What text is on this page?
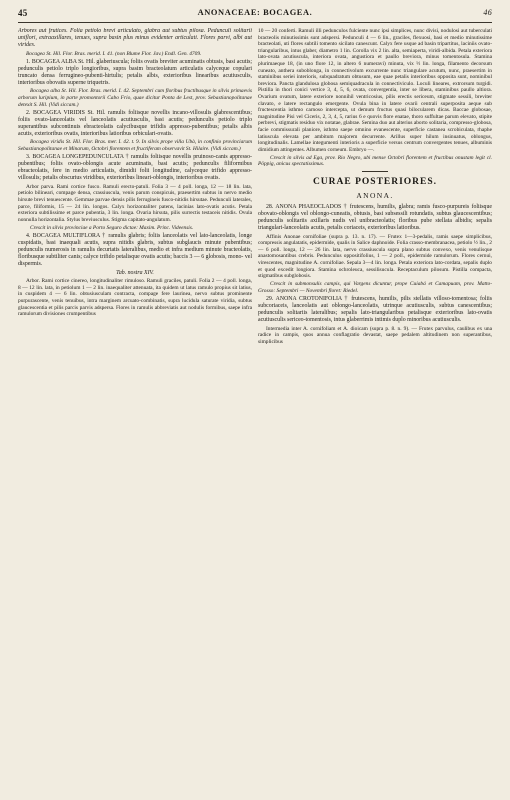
45	ANONACEAE: BOCAGEA.	46

Arbores aut frutices. Folia petiolo brevi articulato, glabra aut subtus pilosa. Pedunculi solitarii uniflori, extraaxillares, tenues, supra basin plus minus evidenter articulati. Flores parvi, albi aut virides.

Bocagea St. Hil. Flor. Bras. merid. I. 41. (non Blume Flor. Jav.) Endl. Gen. 4709.

1. BOCAGEA ALBA St. Hil. glaberiuscula; foliis ovatis breviter acuminatis obtusis, basi acutis; pedunculis petiolo triplo longioribus, supra basim bracteolatum articulatis calyceque copulari truncato densa ferrugineo-pubenti-hirtulis; petalis albis, exterioribus linearibus acutiusculis, interioribus obovatis superne triquetris.

Bocagea alba St. Hil. Flor. Bras. merid. I. 42. Septembri cum floribus fructibusque in silvis primaevis arborum luripium, in parte promontorii Cabo Frio, quae dicitur Ponta de Lest, prov. Sebastianopolitanae detexit S. Hil. (Vidi siccam.)

2. BOCAGEA VIRIDIS St. Hil. ramulis foliisque novellis incano-villosulis glabrescentibus; foliis ovato-lanceolatis vel lanceolatis acutiusculis, basi acutis; pedunculis petiolo triplo superantibus subcontinuis ebracteolatis calycibusque trifidis appresso-pubentibus; petalis albis acutis, exterioribus ovatis, interioribus latioribus orbiculari-ovatis.

Bocagea viridis St. Hil. Flor. Bras. mer. I. 42. t. 9. In silvis prope villa Ubà, in confinio provinciarum Sebastianopolitanae et Minarum, Octobri florentem et fructiferam observavit St. Hilaire. (Vidi siccam.)

3. BOCAGEA LONGEPEDUNCULATA † ramulis foliisque novellis pruinoso-canis appresso-pubentibus; foliis ovato-oblongis acute acuminatis, basi acutis; pedunculis filiformibus ebracteolatis, fere in medio articulatis, dimidii folii longitudine, calyceque trifido appresso-villosulis; petalis obscurius viridibus, exterioribus lineari-oblongis, interioribus ovatis.

Arbor parva. Rami cortice fusco. Ramuli erecto-patuli. Folia 3 — 4 poll. longa, 12 — 18 lin. lata, petiolo bilineari, compage densa, crassiuscula, venis parum conspicuis, praesertim subtus in nervo medio hirsute brevi tenuescente. Gemmae parvae densis pilis ferrugineis fusco-nitidis hirsutae. Pedunculi laterales, parce, filiformis, 15 — 24 lin. longos. Calyx horizontaliter patens, lacinias lato-ovatis acutis. Petala exteriora subtilissime et parce pubentia, 3 lin. longa. Ovaria hirsuta, pilis surrectis testaceis nitidis. Ovula nonnulla horizontalia. Stylus breviusculus. Stigma capitato-angulatum.

Crescit in silvis provinciae a Porto Seguro dictae: Maxim. Princ. Videensis.

4. BOCAGEA MULTIFLORA † ramulis glabris; foliis lanceolatis vel lato-lanceolatis, longe cuspidatis, basi inaequali acutis, supra nitidis glabris, subtus subglaucis minute pubentibus; pedunculis numerosis in ramulis decurtatis lateralibus, medio et infra medium minute bracteolatis, floribusque subtiliter canis; calyce trifido petalisque ovatis acutis; baccis 3 — 6 globosis, mono- vel dispermis.

Tab. nostra XIV.

Arbor. Rami cortice cinereo, longitudinaliter rimuloso. Ramuli graciles, patuli. Folia 2 — 4 poll. longa, 8 — 12 lin. lata, in petiolum 1 — 2 lin. inaequaliter attenuata, ita quidem ut latus ramulo propius sit latius, in cuspidem 4 — 6 lin. obtusiusculam contracta, compage fere laurinea, nervo subtus prominente purpurascente, venis tenuibus, intra marginem arcuato-combinatis, supra lucidula saturate viridia, subtus glaucescentia et pilis parcis parvis adspersa. Flores in ramulis abbreviatis aut nodulis formibus, saepe infra ramulorum divisiones crumpentibus

10 — 20 conferti. Ramuli illi pedunculos fulciente nunc ipsi simplices, nunc divisi, nodulosi aut tuberculati bracteolis minutissimis sunt adspersi. Pedunculi 4 — 6 lin., graciles, flexuosi, basi et medio minutissime bracteolati, uti flores subtili tomento sicilato canescunt. Calyx fere usque ad basin tripartitus, laciniis ovato-triangularibus, intus glaber, diametro 1 lin. Corolla vix 2 lin. alta, semiaperta, viridi-albida. Petala exteriora lato-ovata acutiuscula, interiora ovata, angustiora et paullo breviora, minus tomentosula. Stamina plurimaeque 18, (in uno flore 12, in altero 6 numeravi) minuta, vix ½ lin. longa, filamento decorsum cuneato, anthera suboblonga, in connectivolum excurrente nunc triangulare acutum, nunc, praesertim in staminibus seriei interioris, subquadratum obtusum, eae quae petalis interioribus opposita sunt, nominibul breviora. Pancta glandulosa globosa semiquadracula in connectiviculo. Loculi lineares, extrorsum turgidi. Pistilla in thori conici vertice 3, 4, 5, 6, ovata, convergentia, inter se libera, staminibus paullo altiora. Ovarium ovatum, latere exteriore nonnihil ventricosius, pilis erectis sericeum, stigmate sessili, breviter clavato, e latere rectangulo emergente. Ovula bina in latere ovarii centrali superposita aeque sub fructescentia isthmo carnoso intercepta, ut demum fructus quasi bilocularem dicas. Baccae globosae, magnitudine Pisi vel Ciceris, 2, 3, 4, 5, rarius 6 e quovis flore enatae, thoro suffultae parum elevato, stipite perbrevi, stigmatis residuo vix notatae, glabrae. Semina duo aut alterius aborto solitaria, compresso-globosa, facie commissurali planiore, isthmo saepe omnino evanescente, superficie castanea scrobiculata, rhaphe latiuscula elevata per ambitum majorem decurrente. Arillus super hilum insinuatus, oblongus, longitudinalis. Lamellae integumenti interioris a superficie versus centrum convergentes tenues, albuminis dimidium attingentes. Albumen corneum. Embryo —.

Crescit in silvis ad Ega, prov. Rio Negro, ubi mense Octobri florentem et fructibus onustam legit cl. Pöppig, anicus spectatissimus.

CURAE POSTERIORES.
ANONA.

28. ANONA PHAEOCLADOS † frutescens, humilis, glabra; ramis fusco-purpureis foliisque obovato-oblongis vel oblongo-cuneatis, obtusis, basi subsessili rotundatis, subtus glaucescentibus; pedunculis solitariis axillaris nudis vel unibracteolatis; floribus pube stellata albidis; sepalis triangulari-lanceolatis acutis, petalis coriaceis, exterioribus latioribus.

Affinis Anonae cornifoliae (supra p. 13. n. 17). — Frutex 1—3-pedalis, ramis saepe simplicibus, compressis angulatatis, epidermide, qualis in Salice daphnoide. Folia crasso-membranacea, petiolo ½ lin., 2 — 6 poll. longa, 12 — 26 lin. lata, nervo crassiuscula supra plano subtus convexo, venis venulisque anastomosantibus crebris. Pedunculus oppositifolius, 1 — 2 poll., epidermide ramulorum. Flores cernui, virescentes, magnitudine A. cornifoliae. Sepala 3—4 lin. longa. Petala exteriora lato-cordata, sepalis duplo et quod excedit longiora. Stamina ochroleuca, sessilisucula. Receptaculum pilosum. Pistilla compacta, stigmatibus subglobosis.

Crescit in submonsulis campis, qui Vargens dicuntur, prope Cuiabá et Camapuam, prov. Matto-Grosso: Septembri — Novembri floret: Riedel.

29. ANONA CROTONIFOLIA † frutescens, humilis, pilis stellatis villoso-tomentosa; foliis subcoriaceis, lanceolatis aut oblongo-lanceolatis, utrinque acutiusculis, subtus canescentibus; pedunculis solitariis lateralibus; sepalis lato-triangularibus petalisque exterioribus lato-ovatis acutiusculis sericeo-tomentosis, intus glaberrimis intimis duplo minoribus acutiusculis.

Intermedia inter A. cornifoliam et A. dioicam (supra p. 8. n. 9). — Frutex parvulus, caulibus ex una radice in campis, quos annua conflagratio devastat, saepe pedalem altitudinem non superantibus, simplicibus
